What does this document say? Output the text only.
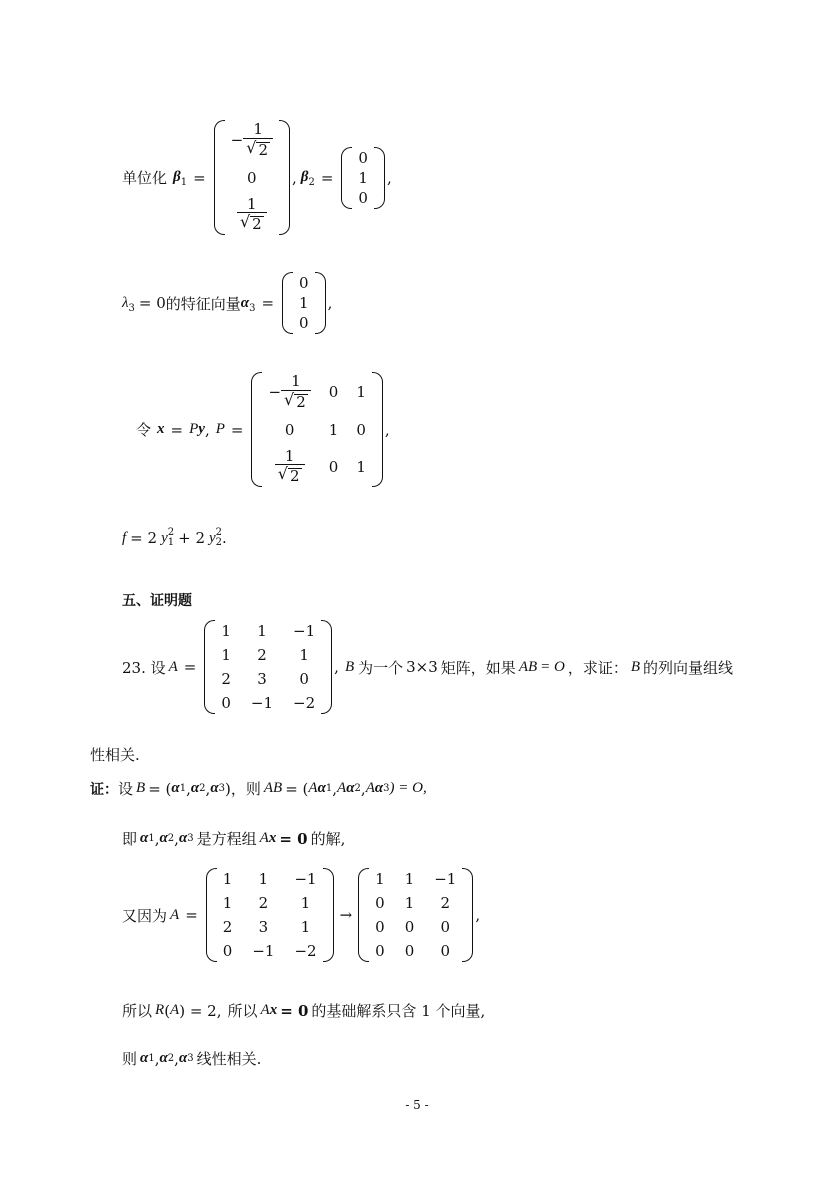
单位化 $\beta_1$ =
− $\frac{1}{√ 2}$
0
$\frac{1}{√ 2}$
, $\beta_2$ =
0
1
0
,
$\lambda_3 = 0$ 的特征向量 $\alpha_3$ =
0
1
0
,
令 x = P y , P =
− $\frac{1}{√ 2} 0$ 1
0 1 0
$\frac{1}{√ 2} 0$ 1
,
f = 2 y 2
1 + 2 y 2
2 .
五、证明题
23. 设 A =
1 1 −1
1 2 1
2 3 0
0 −1 −2
, B 为一个 3×3 矩阵，如果 AB = O ，求证： B 的列向量组线
性相关.
证： 设 B = ( α 1 , α 2 , α 3 )，则 AB = ( A α 1 , A α 2 , A α 3 ) = O,
即 α 1 , α 2 , α 3 是方程组 A x = 0 的解,
又因为 A =
1 1 −1
1 2 1
2 3 1
0 −1 −2
→
1 1 −1
0 1 2
0 0 0
0 0 0
,
所以 R ( A ) = 2, 所以 A x = 0 的基础解系只含 1 个向量,
则 α 1 , α 2 , α 3 线性相关.
- 5 -
